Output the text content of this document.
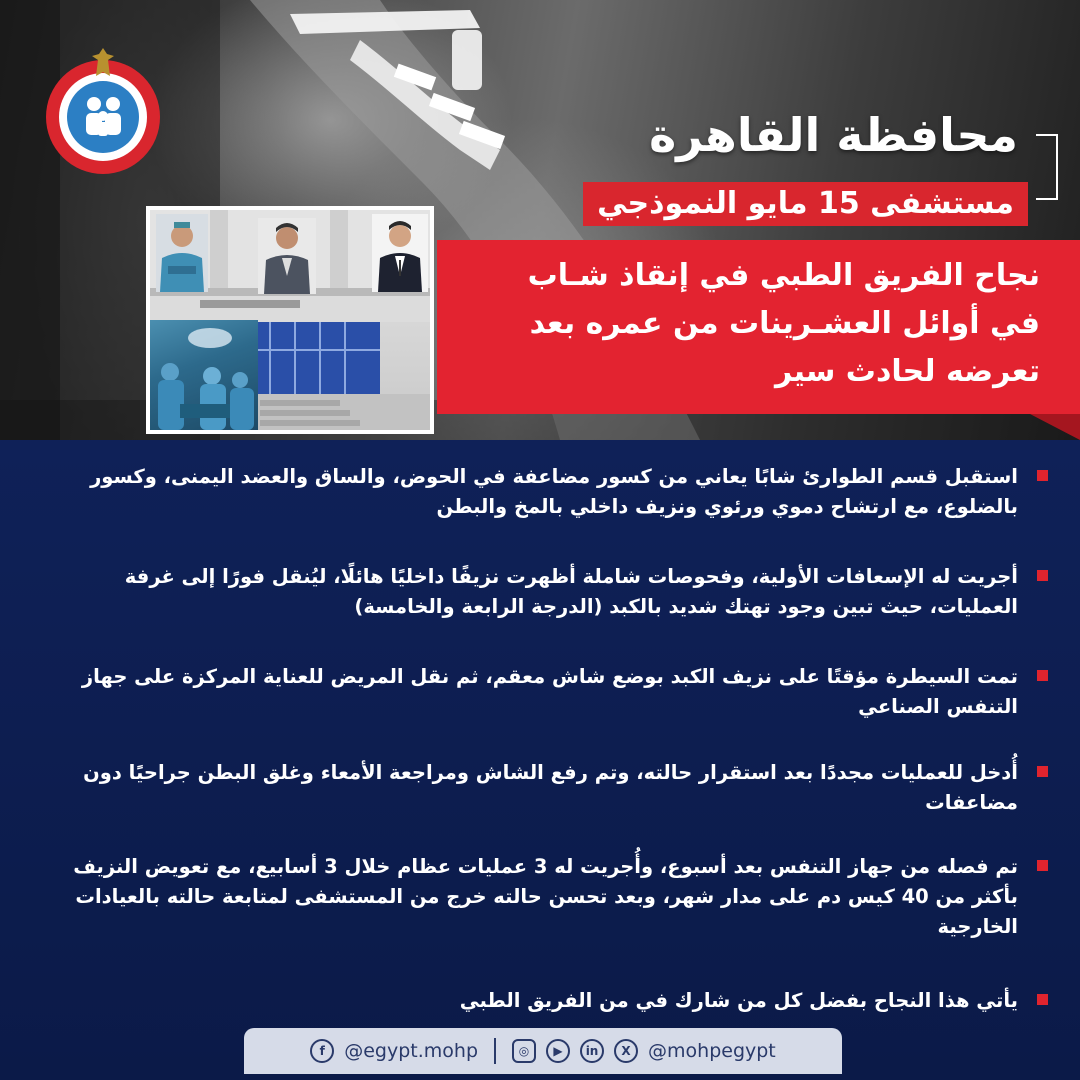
محافظة القاهرة
مستشفى 15 مايو النموذجي
نجاح الفريق الطبي في إنقاذ شـاب
في أوائل العشـرينات من عمره بعد
تعرضه لحادث سير
استقبل قسم الطوارئ شابًا يعاني من كسور مضاعفة في الحوض، والساق والعضد اليمنى، وكسور بالضلوع، مع ارتشاح دموي ورئوي ونزيف داخلي بالمخ والبطن
أجريت له الإسعافات الأولية، وفحوصات شاملة أظهرت نزيفًا داخليًا هائلًا، ليُنقل فورًا إلى غرفة العمليات، حيث تبين وجود تهتك شديد بالكبد (الدرجة الرابعة والخامسة)
تمت السيطرة مؤقتًا على نزيف الكبد بوضع شاش معقم، ثم نقل المريض للعناية المركزة على جهاز التنفس الصناعي
أُدخل للعمليات مجددًا بعد استقرار حالته، وتم رفع الشاش ومراجعة الأمعاء وغلق البطن جراحيًا دون مضاعفات
تم فصله من جهاز التنفس بعد أسبوع، وأُجريت له 3 عمليات عظام خلال 3 أسابيع، مع تعويض النزيف بأكثر من 40 كيس دم على مدار شهر، وبعد تحسن حالته خرج من المستشفى لمتابعة حالته بالعيادات الخارجية
يأتي هذا النجاح بفضل كل من شارك في من الفريق الطبي
f	@egypt.mohp	◎	▶	in	X @mohpegypt
